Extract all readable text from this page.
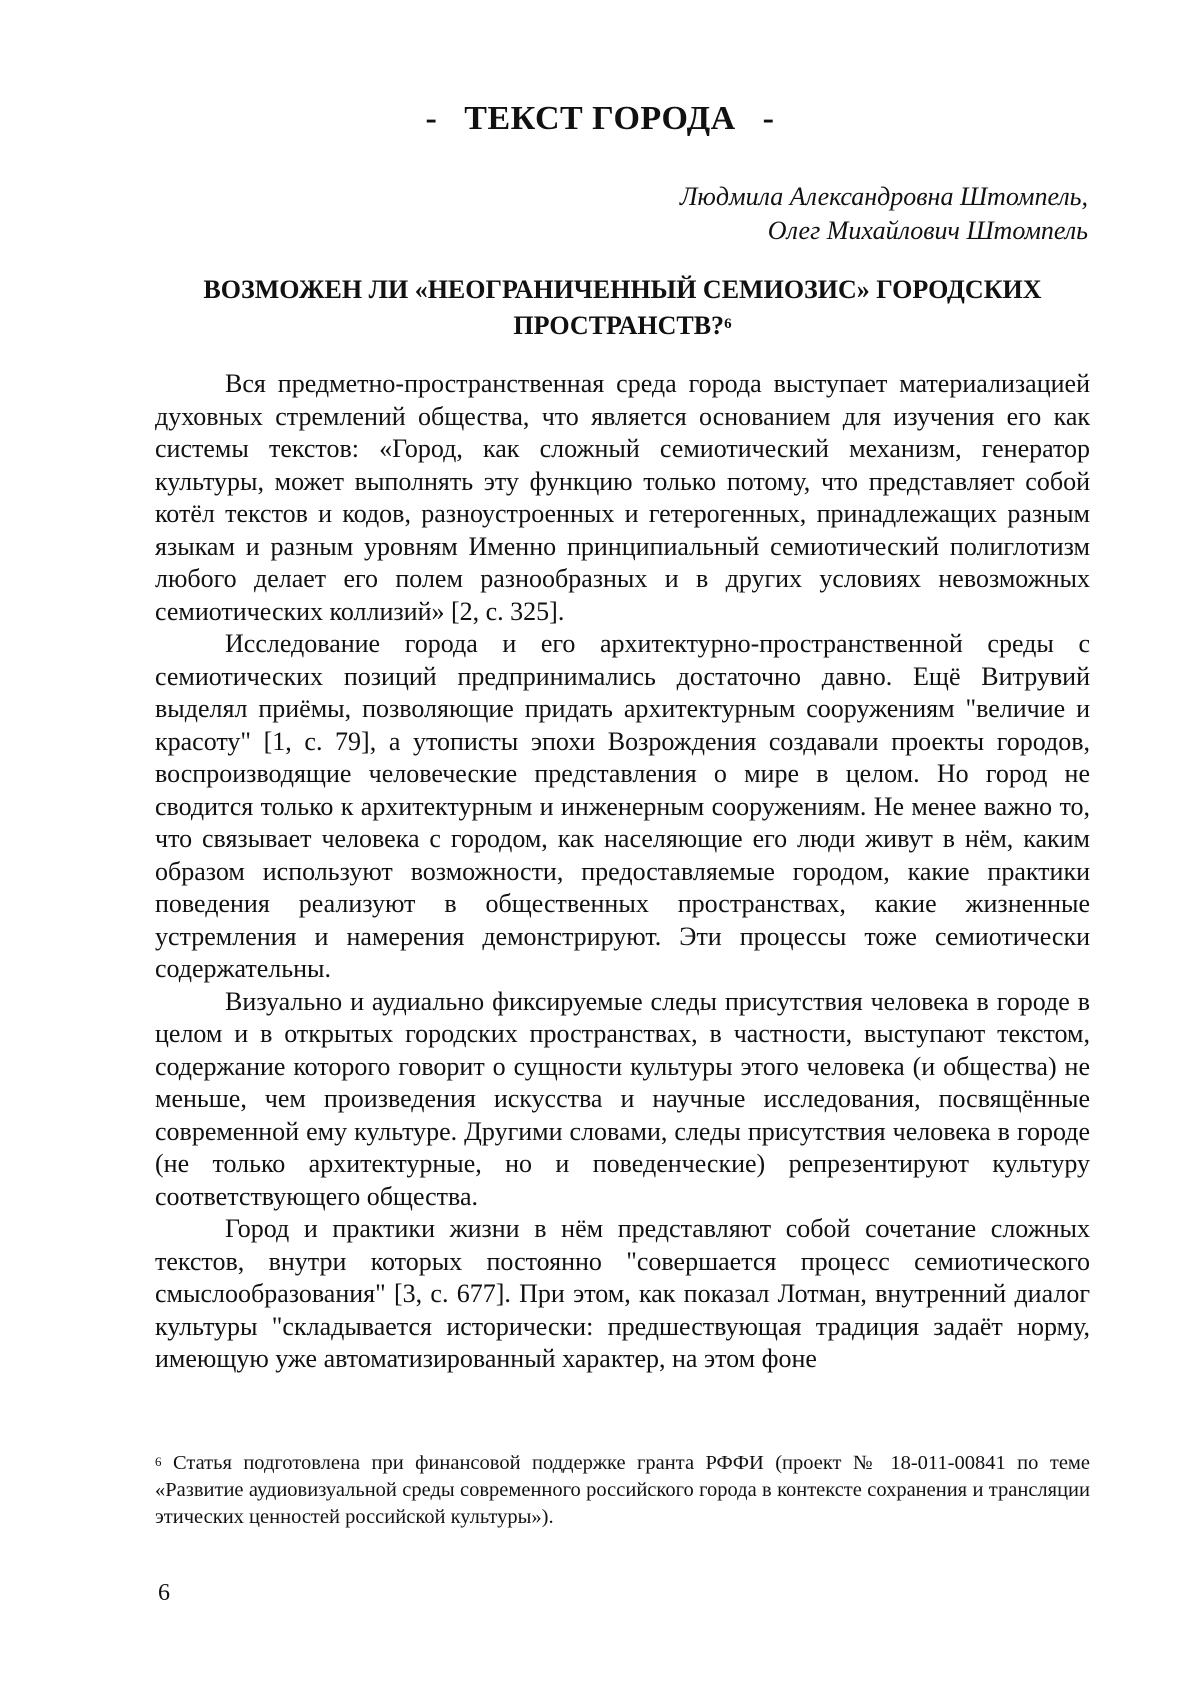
-   ТЕКСТ ГОРОДА   -
Людмила Александровна Штомпель,
Олег Михайлович Штомпель
ВОЗМОЖЕН ЛИ «НЕОГРАНИЧЕННЫЙ СЕМИОЗИС» ГОРОДСКИХ ПРОСТРАНСТВ?$^6$

Вся предметно-пространственная среда города выступает материализацией духовных стремлений общества, что является основанием для изучения его как системы текстов: «Город, как сложный семиотический механизм, генератор культуры, может выполнять эту функцию только потому, что представляет собой котёл текстов и кодов, разноустроенных и гетерогенных, принадлежащих разным языкам и разным уровням Именно принципиальный семиотический полиглотизм любого делает его полем разнообразных и в других условиях невозможных семиотических коллизий» [2, с. 325].

Исследование города и его архитектурно-пространственной среды с семиотических позиций предпринимались достаточно давно. Ещё Витрувий выделял приёмы, позволяющие придать архитектурным сооружениям "величие и красоту" [1, с. 79], а утописты эпохи Возрождения создавали проекты городов, воспроизводящие человеческие представления о мире в целом. Но город не сводится только к архитектурным и инженерным сооружениям. Не менее важно то, что связывает человека с городом, как населяющие его люди живут в нём, каким образом используют возможности, предоставляемые городом, какие практики поведения реализуют в общественных пространствах, какие жизненные устремления и намерения демонстрируют. Эти процессы тоже семиотически содержательны.

Визуально и аудиально фиксируемые следы присутствия человека в городе в целом и в открытых городских пространствах, в частности, выступают текстом, содержание которого говорит о сущности культуры этого человека (и общества) не меньше, чем произведения искусства и научные исследования, посвящённые современной ему культуре. Другими словами, следы присутствия человека в городе (не только архитектурные, но и поведенческие) репрезентируют культуру соответствующего общества.

Город и практики жизни в нём представляют собой сочетание сложных текстов, внутри которых постоянно "совершается процесс семиотического смыслообразования" [3, с. 677]. При этом, как показал Лотман, внутренний диалог культуры "складывается исторически: предшествующая традиция задаёт норму, имеющую уже автоматизированный характер, на этом фоне

$^6$ Статья подготовлена при финансовой поддержке гранта РФФИ (проект № 18-011-00841 по теме «Развитие аудиовизуальной среды современного российского города в контексте сохранения и трансляции этических ценностей российской культуры»).
6
